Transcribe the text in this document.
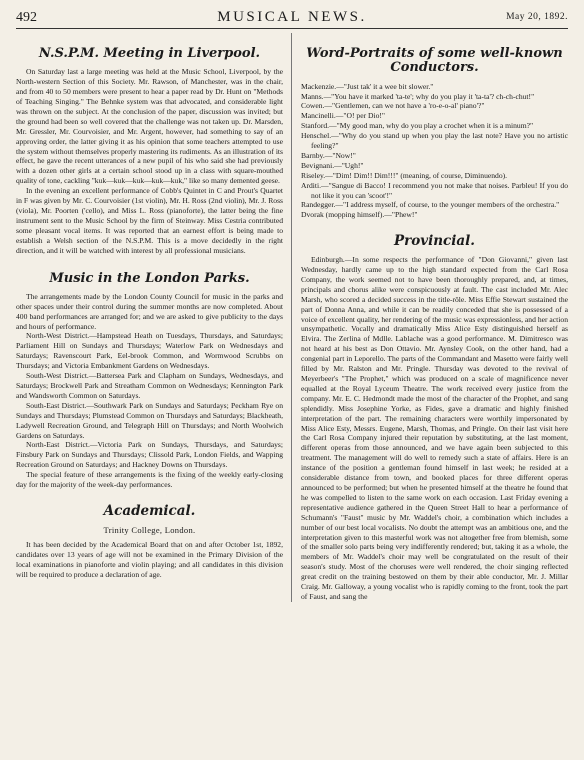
492	MUSICAL NEWS.	May 20, 1892.
N.S.P.M. Meeting in Liverpool.

On Saturday last a large meeting was held at the Music School, Liverpool, by the North-western Section of this Society. Mr. Rawson, of Manchester, was in the chair, and from 40 to 50 members were present to hear a paper read by Dr. Hunt on "Methods of Teaching Singing." The Behnke system was that advocated, and considerable light was thrown on the subject. At the conclusion of the paper, discussion was invited; but the ground had been so well covered that the challenge was not taken up. Dr. Marsden, Mr. Gressler, Mr. Courvoisier, and Mr. Argent, however, had something to say of an approving order, the latter giving it as his opinion that some teachers attempted to use the system without themselves properly mastering its rudiments. As an illustration of its effect, he gave the recent utterances of a new pupil of his who said she had previously with a dozen other girls at a certain school stood up in a class with square-mouthed quality of tone, cackling "kuk—kuk—kuk—kuk—kuk," like so many demented geese.

In the evening an excellent performance of Cobb's Quintet in C and Prout's Quartet in F was given by Mr. C. Courvoisier (1st violin), Mr. H. Ross (2nd violin), Mr. J. Ross (viola), Mr. Poorten ('cello), and Miss L. Ross (pianoforte), the latter being the fine instrument sent to the Music School by the firm of Steinway. Miss Cestria contributed some pleasant vocal items. It was reported that an earnest effort is being made to establish a Welsh section of the N.S.P.M. This is a move decidedly in the right direction, and it will be watched with interest by all professional musicians.

Music in the London Parks.

The arrangements made by the London County Council for music in the parks and other spaces under their control during the summer months are now completed. About 400 band performances are arranged for; and we are asked to give publicity to the days and hours of performance.

North-West District.—Hampstead Heath on Tuesdays, Thursdays, and Saturdays; Parliament Hill on Sundays and Thursdays; Waterlow Park on Wednesdays and Saturdays; Ravenscourt Park, Eel-brook Common, and Wormwood Scrubbs on Thursdays; and Victoria Embankment Gardens on Wednesdays.

South-West District.—Battersea Park and Clapham on Sundays, Wednesdays, and Saturdays; Brockwell Park and Streatham Common on Wednesdays; Kennington Park and Wandsworth Common on Saturdays.

South-East District.—Southwark Park on Sundays and Saturdays; Peckham Rye on Sundays and Thursdays; Plumstead Common on Thursdays and Saturdays; Blackheath, Ladywell Recreation Ground, and Telegraph Hill on Thursdays; and North Woolwich Gardens on Saturdays.

North-East District.—Victoria Park on Sundays, Thursdays, and Saturdays; Finsbury Park on Sundays and Thursdays; Clissold Park, London Fields, and Wapping Recreation Ground on Saturdays; and Hackney Downs on Thursdays.

The special feature of these arrangements is the fixing of the weekly early-closing day for the majority of the week-day performances.

Academical.
Trinity College, London.

It has been decided by the Academical Board that on and after October 1st, 1892, candidates over 13 years of age will not be examined in the Primary Division of the local examinations in pianoforte and violin playing; and all candidates in this division will be required to produce a declaration of age.

Word-Portraits of some well-known Conductors.

Mackenzie.—"Just tak' it a wee bit slower."

Manns.—"You have it marked 'ta-te'; why do you play it 'ta-ta'? ch-ch-chut!"

Cowen.—"Gentlemen, can we not have a 'ro-e-o-al' piano'?"

Mancinelli.—"O! per Dio!"

Stanford.—"My good man, why do you play a crochet when it is a minum?"

Henschel.—"Why do you stand up when you play the last note? Have you no artistic feeling?"

Barnby.—"Now!"

Bevignani.—"Ugh!"

Riseley.—"Dim! Dim!! Dim!!!" (meaning, of course, Diminuendo).

Arditi.—"Sangue di Bacco! I recommend you not make that noises. Parbleu! If you do not like it you can 'scoot'!"

Randegger.—"I address myself, of course, to the younger members of the orchestra."

Dvorak (mopping himself).—"Phew!"

Provincial.

Edinburgh.—In some respects the performance of "Don Giovanni," given last Wednesday, hardly came up to the high standard expected from the Carl Rosa Company, the work seemed not to have been thoroughly prepared, and, at times, principals and chorus alike were conspicuously at fault. The cast included Mr. Alec Marsh, who scored a decided success in the title-rôle. Miss Effie Stewart sustained the part of Donna Anna, and while it can be readily conceded that she is possessed of a voice of excellent quality, her rendering of the music was expressionless, and her action unsympathetic. Vocally and dramatically Miss Alice Esty distinguished herself as Elvira. The Zerlina of Mdlle. Lablache was a good performance. M. Dimitresco was not heard at his best as Don Ottavio. Mr. Aynsley Cook, on the other hand, had a congenial part in Leporello. The parts of the Commandant and Masetto were fairly well filled by Mr. Ralston and Mr. Pringle. Thursday was devoted to the revival of Meyerbeer's "The Prophet," which was produced on a scale of magnificence never equalled at the Royal Lyceum Theatre. The work received every justice from the company. Mr. E. C. Hedmondt made the most of the character of the Prophet, and sang splendidly. Miss Josephine Yorke, as Fides, gave a dramatic and highly finished interpretation of the part. The remaining characters were worthily impersonated by Miss Alice Esty, Messrs. Eugene, Marsh, Thomas, and Pringle. On their last visit here the Carl Rosa Company injured their reputation by substituting, at the last moment, different operas from those announced, and we have again been subjected to this treatment. The management will do well to remedy such a state of affairs. Here is an instance of the position a gentleman found himself in last week; he resided at a considerable distance from town, and booked places for three different operas announced to be performed; but when he presented himself at the theatre he found that he was compelled to listen to the same work on each occasion. Last Friday evening a representative audience gathered in the Queen Street Hall to hear a performance of Schumann's "Faust" music by Mr. Waddel's choir, a combination which includes a number of our best local vocalists. No doubt the attempt was an ambitious one, and the interpretation given to this masterful work was not altogether free from blemish, some of the smaller solo parts being very indifferently rendered; but, taking it as a whole, the members of Mr. Waddel's choir may well be congratulated on the result of their season's study. Most of the choruses were well rendered, the choir singing reflected great credit on the training bestowed on them by their able conductor, Mr. J. Millar Craig. Mr. Galloway, a young vocalist who is rapidly coming to the front, took the part of Faust, and sang the
